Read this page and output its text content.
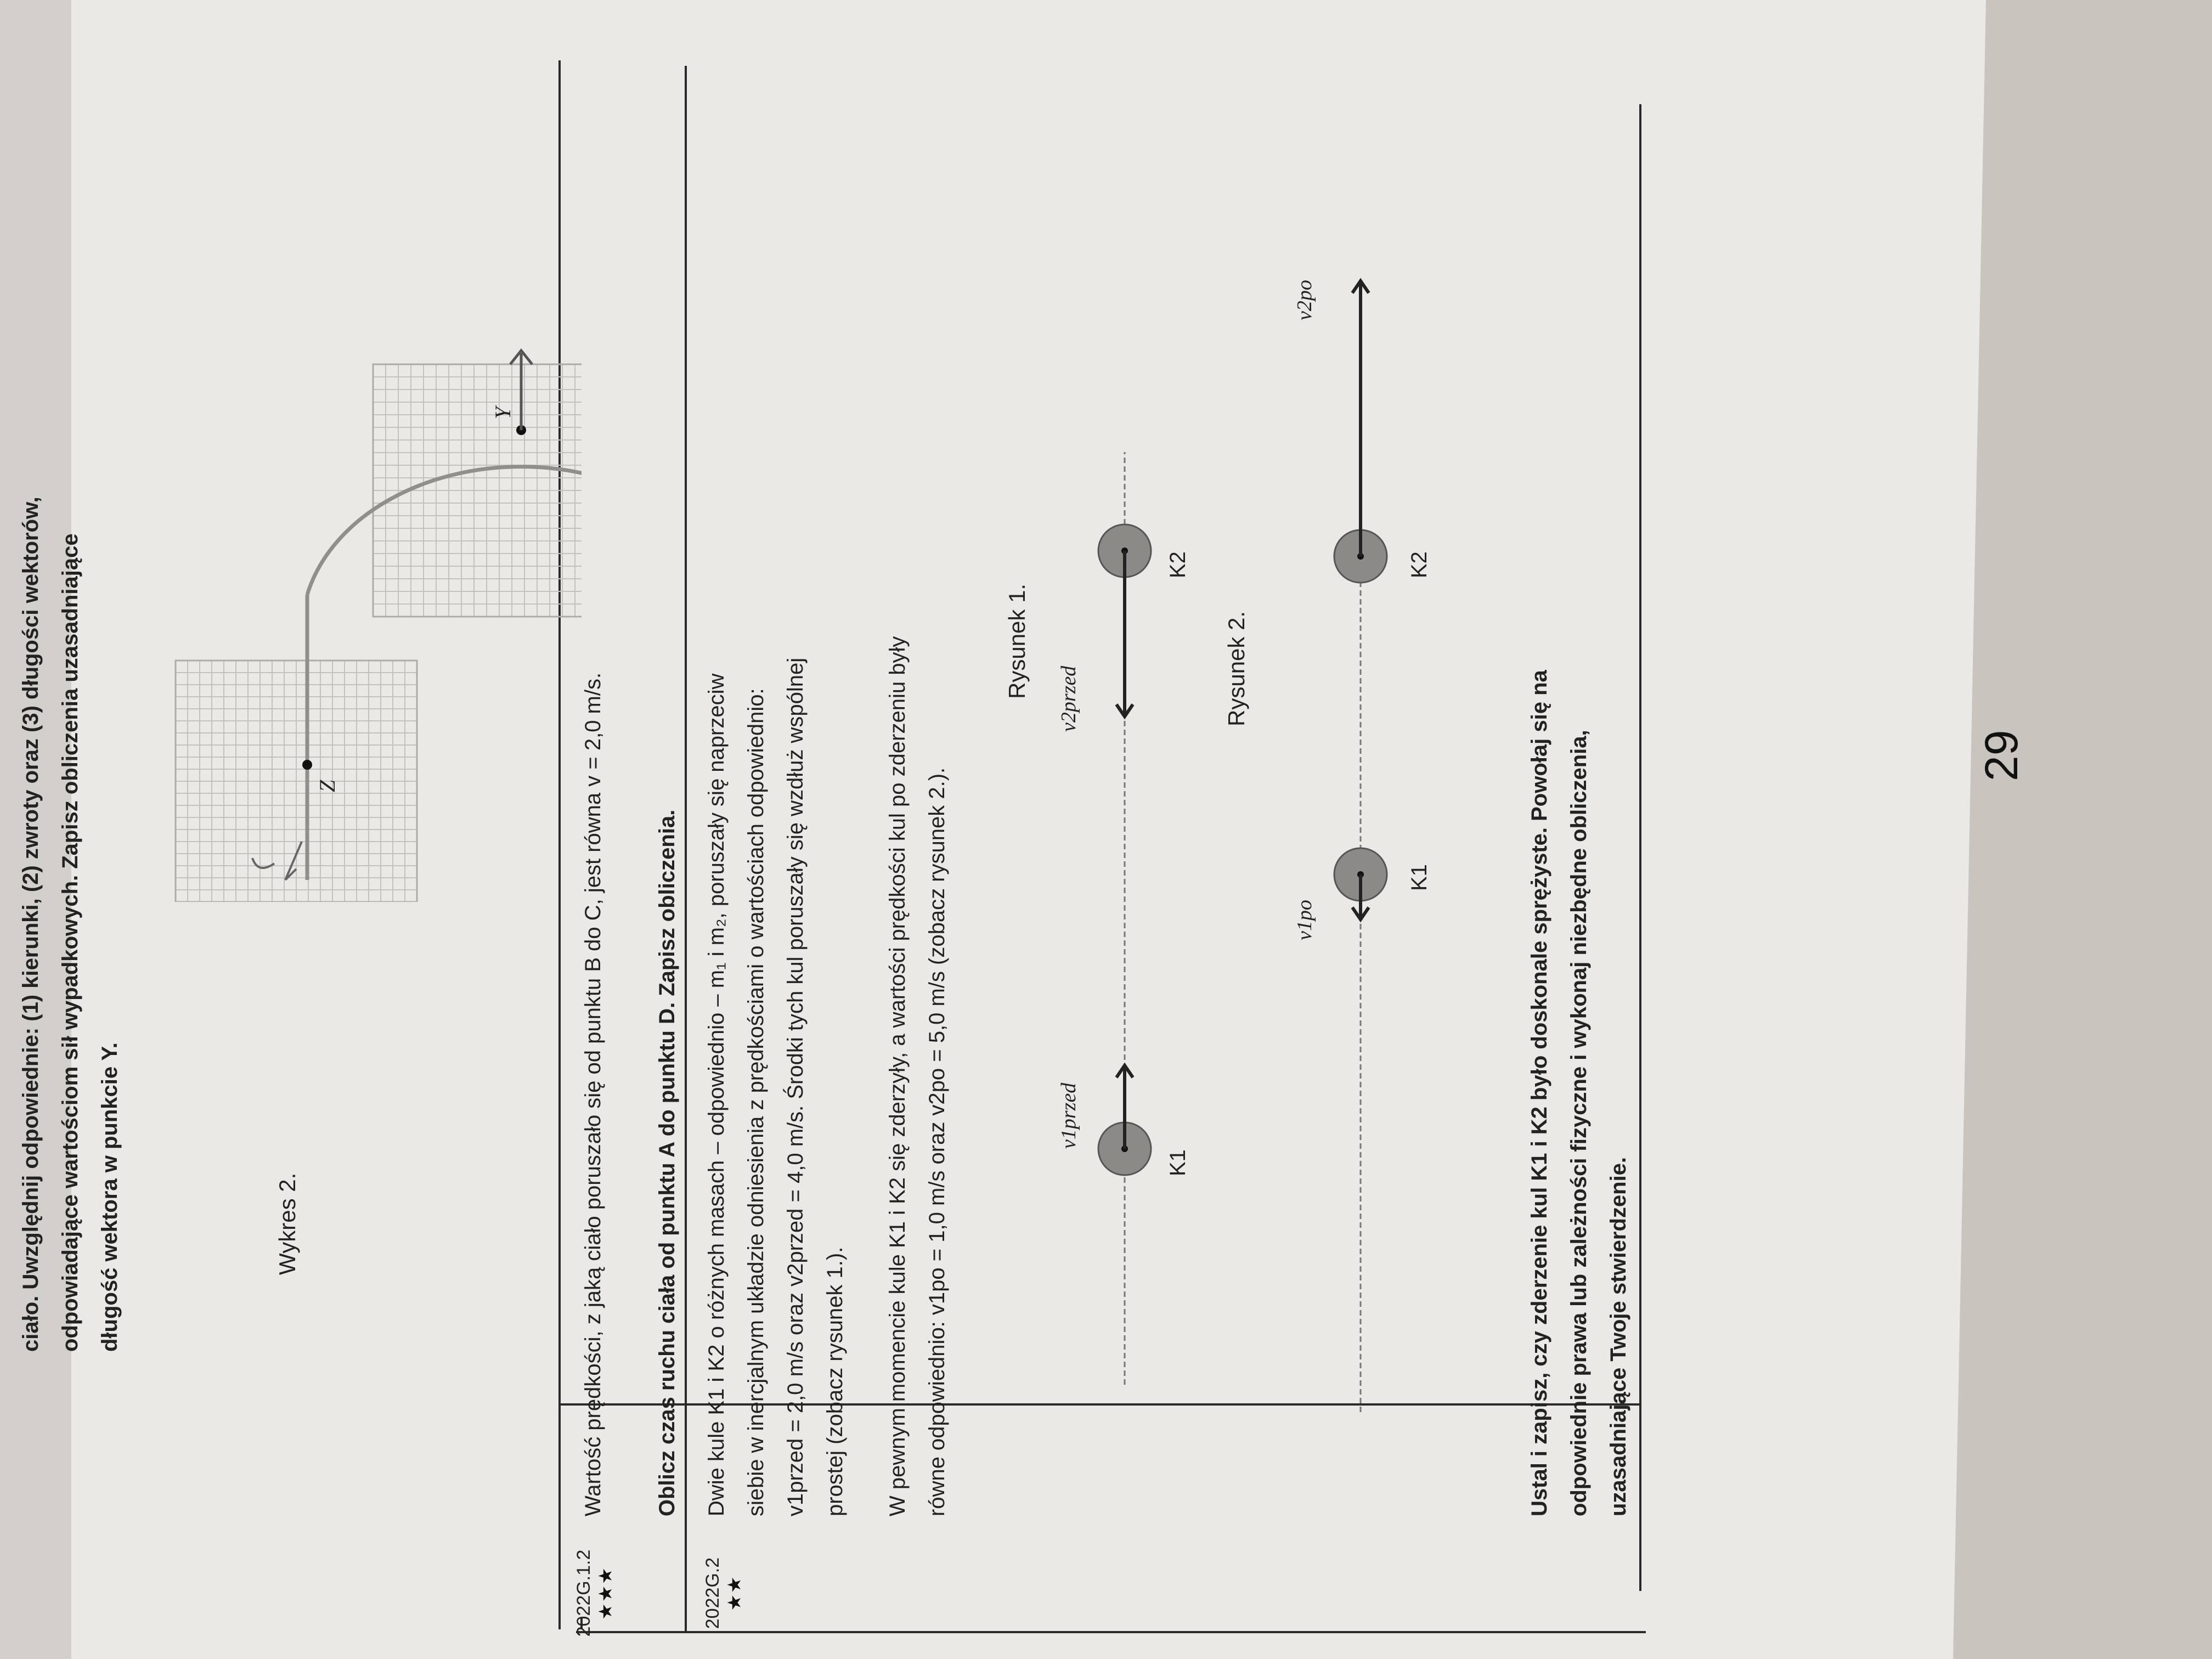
ciało. Uwzględnij odpowiednie: (1) kierunki, (2) zwroty oraz (3) długości wektorów, odpowiadające wartościom sił wypadkowych. Zapisz obliczenia uzasadniające długość wektora w punkcie Y.	Wykres 2.
Z
Y
2022G.1.2 ★★★
Wartość prędkości, z jaką ciało poruszało się od punktu B do C, jest równa v = 2,0 m/s.	Oblicz czas ruchu ciała od punktu A do punktu D. Zapisz obliczenia.
2022G.2 ★★
Dwie kule K1 i K2 o różnych masach – odpowiednio – m₁ i m₂, poruszały się naprzeciw siebie w inercjalnym układzie odniesienia z prędkościami o wartościach odpowiednio: v1przed = 2,0 m/s oraz v2przed = 4,0 m/s. Środki tych kul poruszały się wzdłuż wspólnej prostej (zobacz rysunek 1.).	W pewnym momencie kule K1 i K2 się zderzyły, a wartości prędkości kul po zderzeniu były równe odpowiednio: v1po = 1,0 m/s oraz v2po = 5,0 m/s (zobacz rysunek 2.).
Rysunek 1.
K1
K2
v1przed
v2przed	Rysunek 2.
K1
K2
v1po
v2po
Ustal i zapisz, czy zderzenie kul K1 i K2 było doskonale sprężyste. Powołaj się na odpowiednie prawa lub zależności fizyczne i wykonaj niezbędne obliczenia, uzasadniające Twoje stwierdzenie.
29
